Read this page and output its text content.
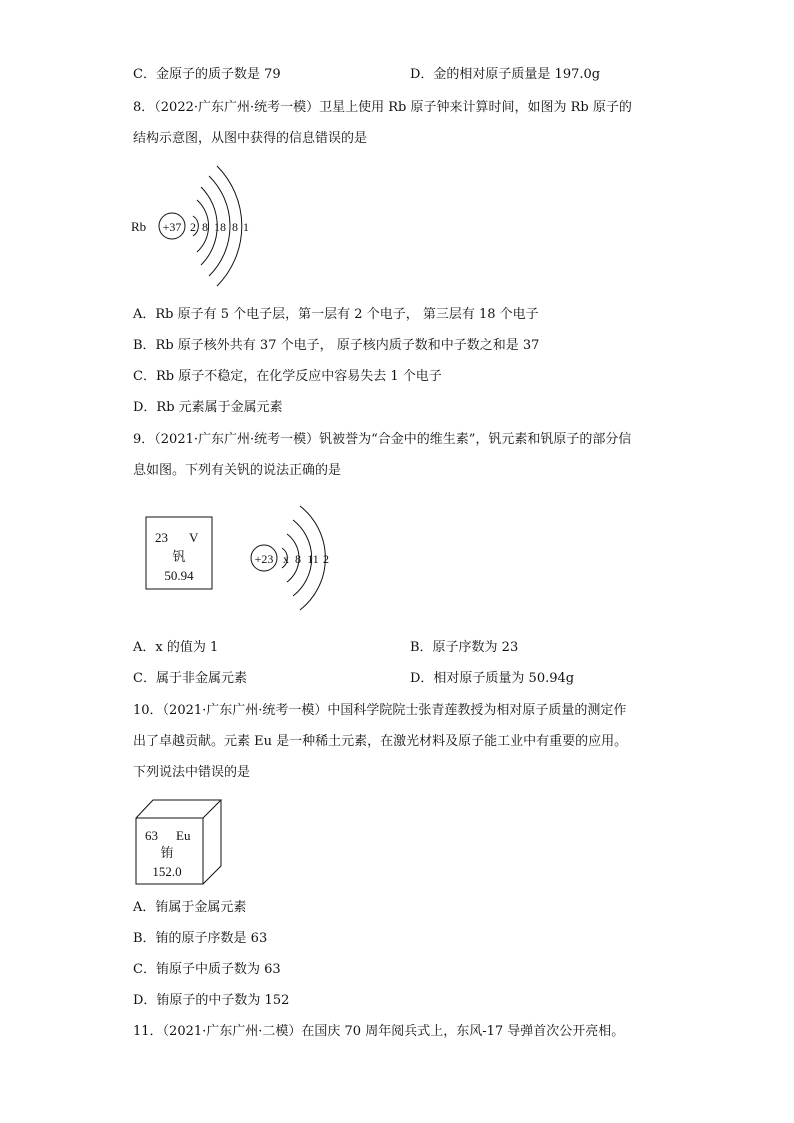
C．金原子的质子数是 79	D．金的相对原子质量是 197.0g
8．（2022·广东广州·统考一模）卫星上使用 Rb 原子钟来计算时间，如图为 Rb 原子的
结构示意图，从图中获得的信息错误的是
Rb +37 2 8 18 8 1
A．Rb 原子有 5 个电子层，第一层有 2 个电子， 第三层有 18 个电子
B．Rb 原子核外共有 37 个电子， 原子核内质子数和中子数之和是 37
C．Rb 原子不稳定，在化学反应中容易失去 1 个电子
D．Rb 元素属于金属元素
9．（2021·广东广州·统考一模）钒被誉为“合金中的维生素”，钒元素和钒原子的部分信
息如图。下列有关钒的说法正确的是
23 V
钒
50.94
+23 x 8 11 2
A．x 的值为 1	B．原子序数为 23
C．属于非金属元素	D．相对原子质量为 50.94g
10．（2021·广东广州·统考一模）中国科学院院士张青莲教授为相对原子质量的测定作
出了卓越贡献。元素 Eu 是一种稀土元素，在激光材料及原子能工业中有重要的应用。
下列说法中错误的是
63 Eu
铕
152.0
A．铕属于金属元素
B．铕的原子序数是 63
C．铕原子中质子数为 63
D．铕原子的中子数为 152
11．（2021·广东广州·二模）在国庆 70 周年阅兵式上，东风-17 导弹首次公开亮相。
